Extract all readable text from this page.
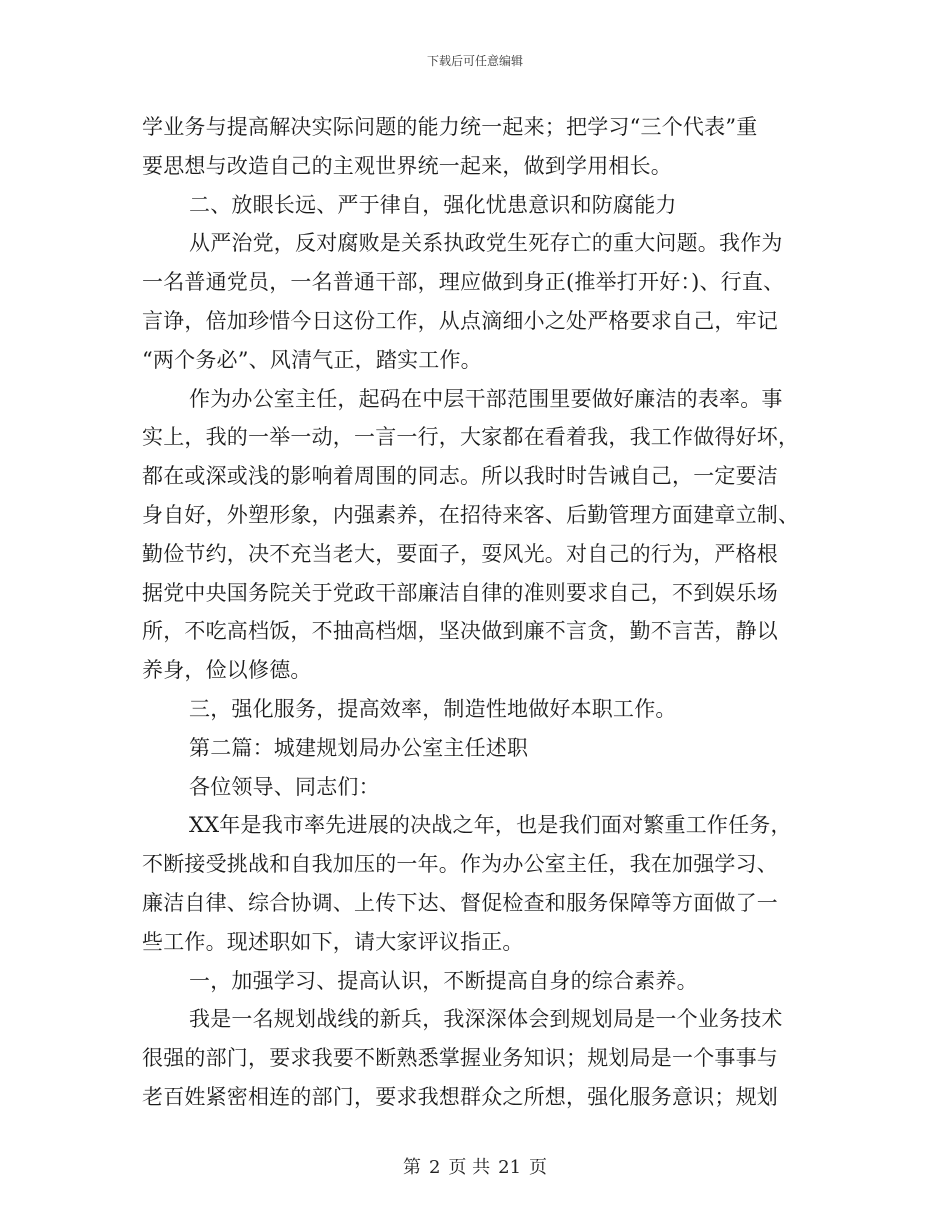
下载后可任意编辑
学业务与提高解决实际问题的能力统一起来；把学习“三个代表”重
要思想与改造自己的主观世界统一起来，做到学用相长。
二、放眼长远、严于律自，强化忧患意识和防腐能力
从严治党，反对腐败是关系执政党生死存亡的重大问题。我作为
一名普通党员，一名普通干部，理应做到身正(推举打开好：)、行直、
言诤，倍加珍惜今日这份工作，从点滴细小之处严格要求自己，牢记
“两个务必”、风清气正，踏实工作。
作为办公室主任，起码在中层干部范围里要做好廉洁的表率。事
实上，我的一举一动，一言一行，大家都在看着我，我工作做得好坏，
都在或深或浅的影响着周围的同志。所以我时时告诫自己，一定要洁
身自好，外塑形象，内强素养，在招待来客、后勤管理方面建章立制、
勤俭节约，决不充当老大，要面子，耍风光。对自己的行为，严格根
据党中央国务院关于党政干部廉洁自律的准则要求自己，不到娱乐场
所，不吃高档饭，不抽高档烟，坚决做到廉不言贪，勤不言苦，静以
养身，俭以修德。
三，强化服务，提高效率，制造性地做好本职工作。
第二篇：城建规划局办公室主任述职
各位领导、同志们：
XX年是我市率先进展的决战之年，也是我们面对繁重工作任务，
不断接受挑战和自我加压的一年。作为办公室主任，我在加强学习、
廉洁自律、综合协调、上传下达、督促检查和服务保障等方面做了一
些工作。现述职如下，请大家评议指正。
一，加强学习、提高认识，不断提高自身的综合素养。
我是一名规划战线的新兵，我深深体会到规划局是一个业务技术
很强的部门，要求我要不断熟悉掌握业务知识；规划局是一个事事与
老百姓紧密相连的部门，要求我想群众之所想，强化服务意识；规划
第 2 页 共 21 页
